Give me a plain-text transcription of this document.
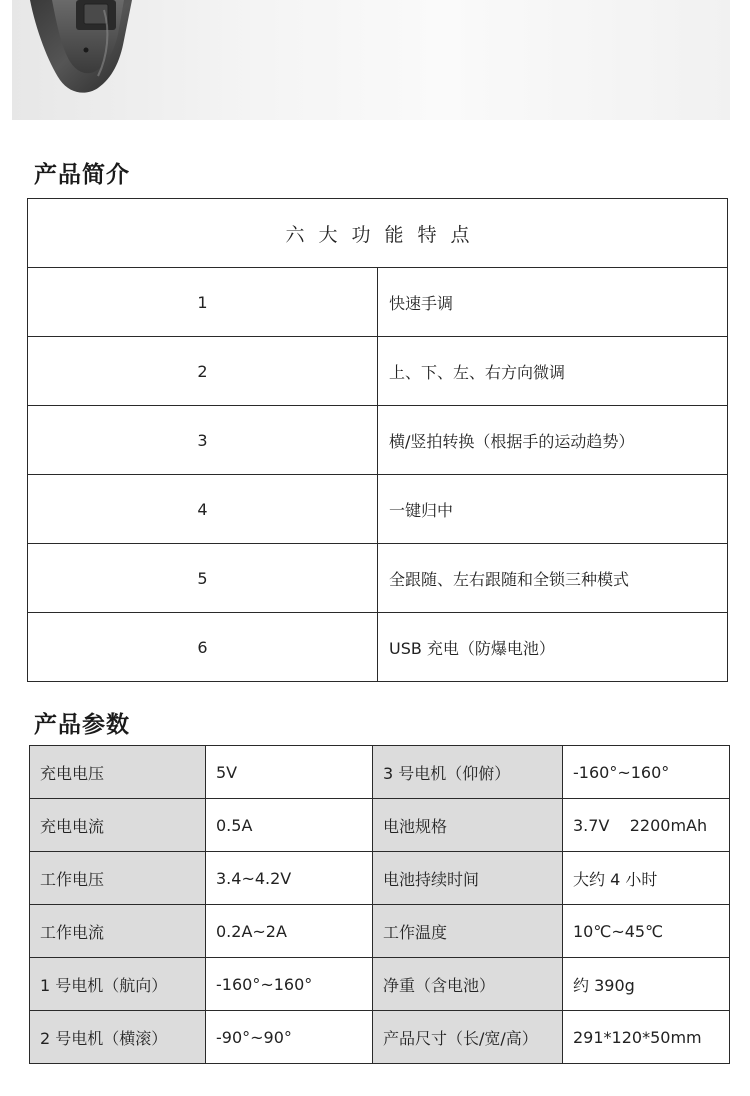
产品简介
六大功能特点	
1	快速手调
2	上、下、左、右方向微调
3	横/竖拍转换（根据手的运动趋势）
4	一键归中
5	全跟随、左右跟随和全锁三种模式
6	USB 充电（防爆电池）
产品参数
充电电压	5V	3 号电机（仰俯）	-160°~160°
充电电流	0.5A	电池规格	3.7V    2200mAh
工作电压	3.4~4.2V	电池持续时间	大约 4 小时
工作电流	0.2A~2A	工作温度	10℃~45℃
1 号电机（航向）	-160°~160°	净重（含电池）	约 390g
2 号电机（横滚）	-90°~90°	产品尺寸（长/宽/高）	291*120*50mm
